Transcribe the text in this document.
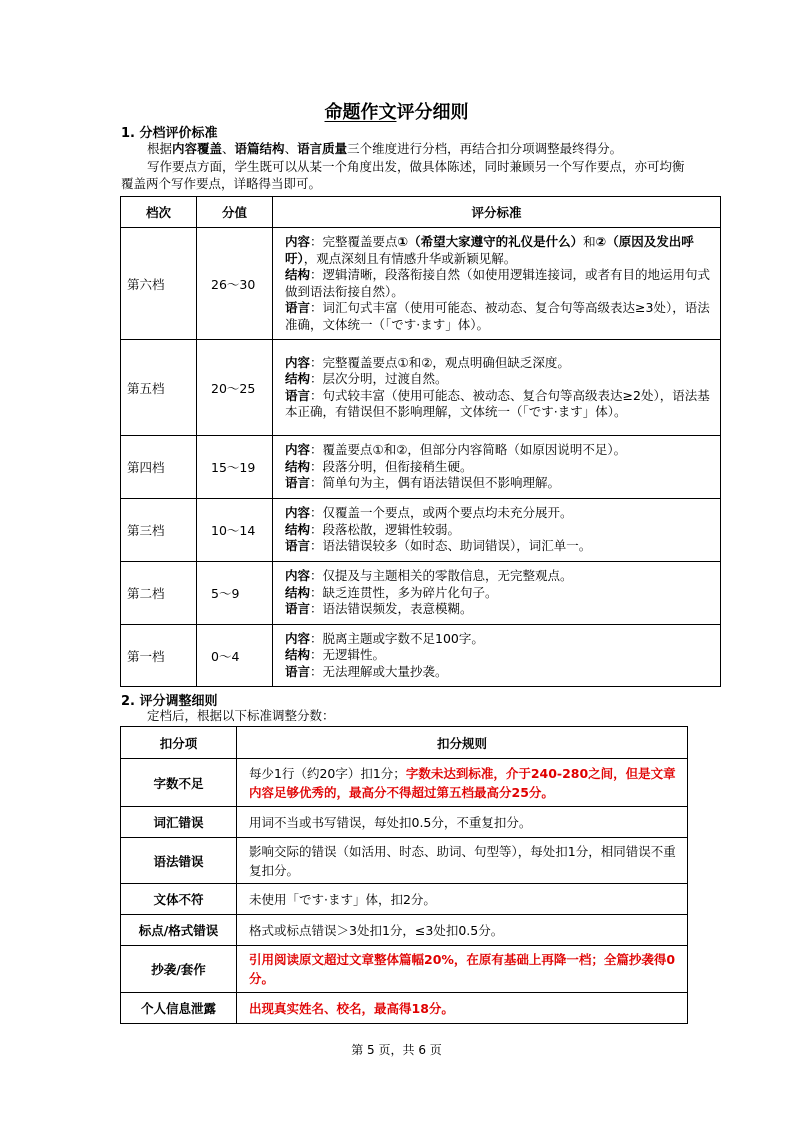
命题作文评分细则
1. 分档评价标准
根据内容覆盖、语篇结构、语言质量三个维度进行分档，再结合扣分项调整最终得分。
写作要点方面，学生既可以从某一个角度出发，做具体陈述，同时兼顾另一个写作要点，亦可均衡覆盖两个写作要点，详略得当即可。
档次	分值	评分标准
第六档	26～30	内容：完整覆盖要点①（希望大家遵守的礼仪是什么）和②（原因及发出呼吁），观点深刻且有情感升华或新颖见解。
结构：逻辑清晰，段落衔接自然（如使用逻辑连接词，或者有目的地运用句式做到语法衔接自然）。
语言：词汇句式丰富（使用可能态、被动态、复合句等高级表达≥3处），语法准确，文体统一（「です·ます」体）。

第五档	20～25	内容：完整覆盖要点①和②，观点明确但缺乏深度。
结构：层次分明，过渡自然。
语言：句式较丰富（使用可能态、被动态、复合句等高级表达≥2处），语法基本正确，有错误但不影响理解，文体统一（「です·ます」体）。

第四档	15～19	内容：覆盖要点①和②，但部分内容简略（如原因说明不足）。
结构：段落分明，但衔接稍生硬。
语言：简单句为主，偶有语法错误但不影响理解。

第三档	10～14	内容：仅覆盖一个要点，或两个要点均未充分展开。
结构：段落松散，逻辑性较弱。
语言：语法错误较多（如时态、助词错误），词汇单一。

第二档	5～9	内容：仅提及与主题相关的零散信息，无完整观点。
结构：缺乏连贯性，多为碎片化句子。
语言：语法错误频发，表意模糊。

第一档	0～4	内容：脱离主题或字数不足100字。
结构：无逻辑性。
语言：无法理解或大量抄袭。
2. 评分调整细则
定档后，根据以下标准调整分数：
扣分项	扣分规则
字数不足	每少1行（约20字）扣1分；字数未达到标准，介于240-280之间，但是文章内容足够优秀的，最高分不得超过第五档最高分25分。
词汇错误	用词不当或书写错误，每处扣0.5分，不重复扣分。
语法错误	影响交际的错误（如活用、时态、助词、句型等），每处扣1分，相同错误不重复扣分。
文体不符	未使用「です·ます」体，扣2分。
标点/格式错误	格式或标点错误＞3处扣1分，≤3处扣0.5分。
抄袭/套作	引用阅读原文超过文章整体篇幅20%，在原有基础上再降一档；全篇抄袭得0分。
个人信息泄露	出现真实姓名、校名，最高得18分。
第 5 页，共 6 页
